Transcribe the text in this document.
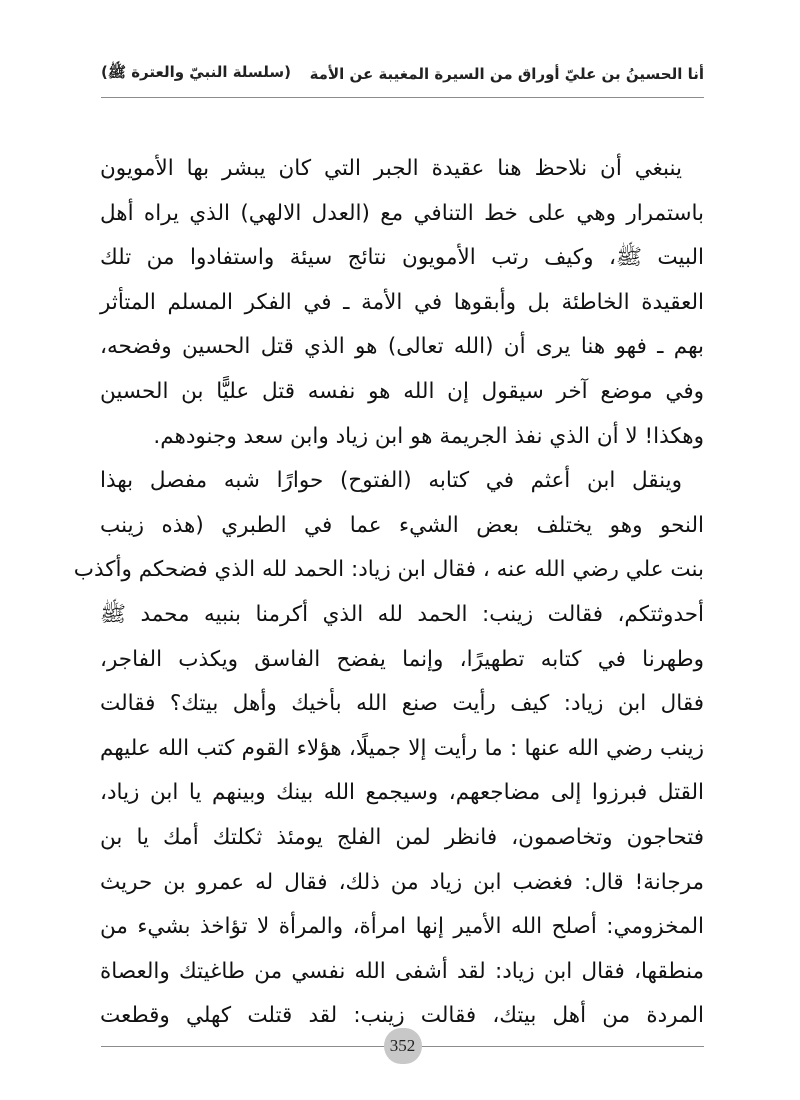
(سلسلة النبيّ والعترة ﷺ) أنا الحسينُ بن عليّ أوراق من السيرة المغيبة عن الأمة
ينبغي أن نلاحظ هنا عقيدة الجبر التي كان يبشر بها الأمويون
باستمرار وهي على خط التنافي مع (العدل الالهي) الذي يراه أهل
البيت ﷺ، وكيف رتب الأمويون نتائج سيئة واستفادوا من تلك
العقيدة الخاطئة بل وأبقوها في الأمة ـ في الفكر المسلم المتأثر
بهم ـ فهو هنا يرى أن (الله تعالى) هو الذي قتل الحسين وفضحه،
وفي موضع آخر سيقول إن الله هو نفسه قتل عليًّا بن الحسين
وهكذا! لا أن الذي نفذ الجريمة هو ابن زياد وابن سعد وجنودهم.
وينقل ابن أعثم في كتابه (الفتوح) حوارًا شبه مفصل بهذا
النحو وهو يختلف بعض الشيء عما في الطبري (هذه زينب
بنت علي رضي الله عنه ، فقال ابن زياد: الحمد لله الذي فضحكم وأكذب
أحدوثتكم، فقالت زينب: الحمد لله الذي أكرمنا بنبيه محمد ﷺ
وطهرنا في كتابه تطهيرًا، وإنما يفضح الفاسق ويكذب الفاجر،
فقال ابن زياد: كيف رأيت صنع الله بأخيك وأهل بيتك؟ فقالت
زينب رضي الله عنها : ما رأيت إلا جميلًا، هؤلاء القوم كتب الله عليهم
القتل فبرزوا إلى مضاجعهم، وسيجمع الله بينك وبينهم يا ابن زياد،
فتحاجون وتخاصمون، فانظر لمن الفلج يومئذ ثكلتك أمك يا بن
مرجانة! قال: فغضب ابن زياد من ذلك، فقال له عمرو بن حريث
المخزومي: أصلح الله الأمير إنها امرأة، والمرأة لا تؤاخذ بشيء من
منطقها، فقال ابن زياد: لقد أشفى الله نفسي من طاغيتك والعصاة
المردة من أهل بيتك، فقالت زينب: لقد قتلت كهلي وقطعت
352
